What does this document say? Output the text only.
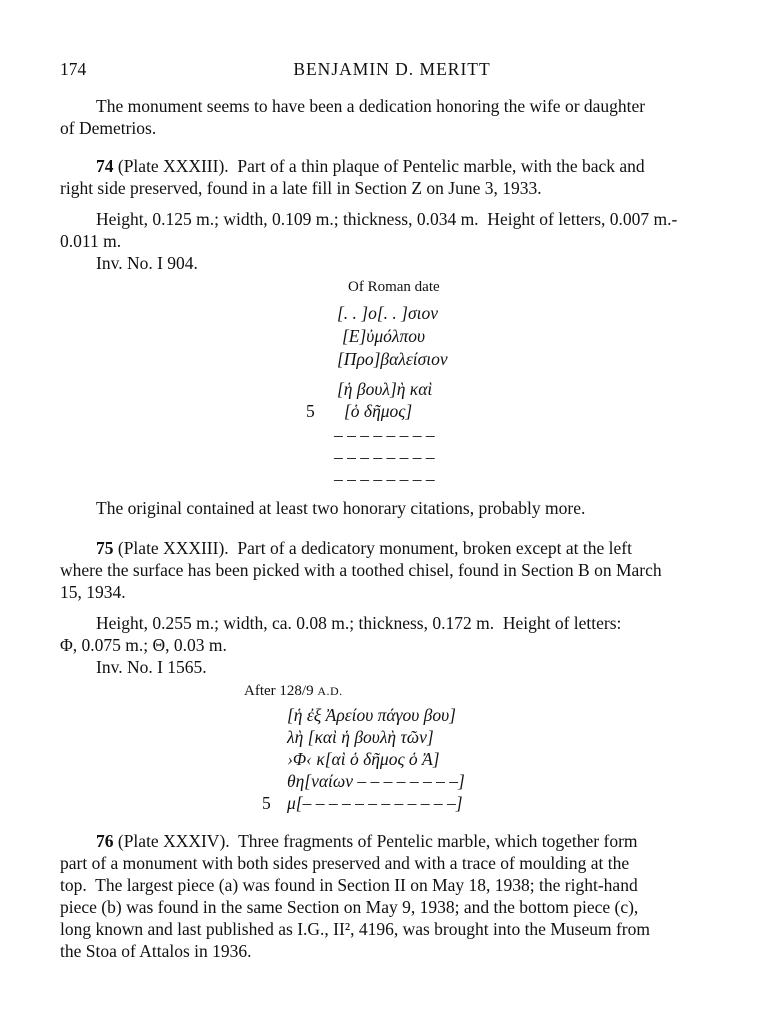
174	BENJAMIN D. MERITT
The monument seems to have been a dedication honoring the wife or daughter
of Demetrios.
74 (Plate XXXIII).  Part of a thin plaque of Pentelic marble, with the back and
right side preserved, found in a late fill in Section Z on June 3, 1933.
Height, 0.125 m.; width, 0.109 m.; thickness, 0.034 m.  Height of letters, 0.007 m.-
0.011 m.
Inv. No. I 904.
Of Roman date
[. . ]ο[. . ]σιον
[Ε]ὐμόλπου
[Προ]βαλείσιον
[ἡ βουλ]ὴ καὶ
5 [ὁ δῆμος]
– – – – – – – –
– – – – – – – –
– – – – – – – –
The original contained at least two honorary citations, probably more.
75 (Plate XXXIII).  Part of a dedicatory monument, broken except at the left
where the surface has been picked with a toothed chisel, found in Section B on March
15, 1934.
Height, 0.255 m.; width, ca. 0.08 m.; thickness, 0.172 m.  Height of letters:
Φ, 0.075 m.; Θ, 0.03 m.
Inv. No. I 1565.
After 128/9 A.D.
[ἡ ἐξ Ἀρείου πάγου βου]
λὴ [καὶ ἡ βουλὴ τῶν]
›Φ‹ κ[αὶ ὁ δῆμος ὁ Ἀ]
θη[ναίων – – – – – – – –]
5 μ[– – – – – – – – – – – –]
76 (Plate XXXIV).  Three fragments of Pentelic marble, which together form
part of a monument with both sides preserved and with a trace of moulding at the
top.  The largest piece (a) was found in Section II on May 18, 1938; the right-hand
piece (b) was found in the same Section on May 9, 1938; and the bottom piece (c),
long known and last published as I.G., II², 4196, was brought into the Museum from
the Stoa of Attalos in 1936.
